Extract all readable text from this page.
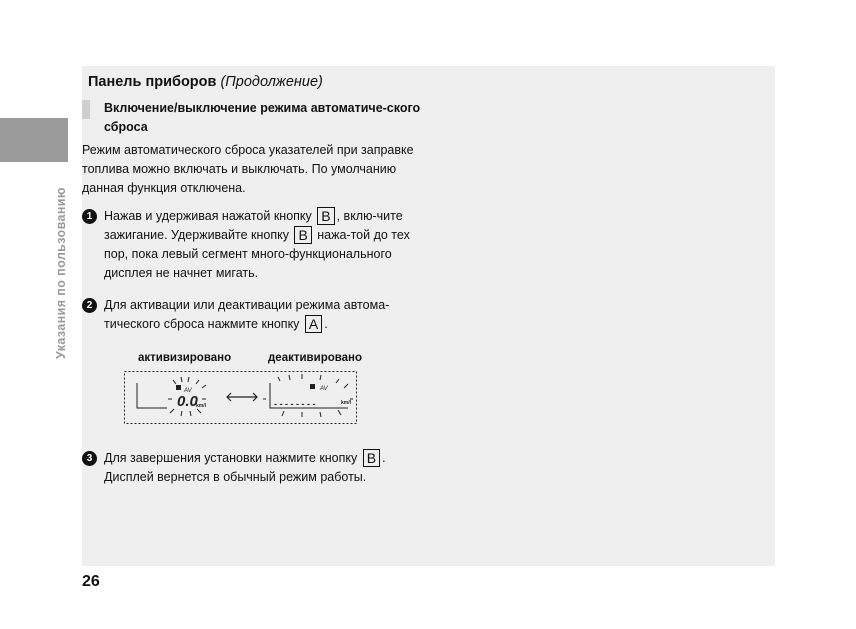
Указания по пользованию
Панель приборов (Продолжение)
Включение/выключение режима автоматиче-ского сброса
Режим автоматического сброса указателей при заправке топлива можно включать и выключать. По умолчанию данная функция отключена.
1 Нажав и удерживая нажатой кнопку B , вклю-чите зажигание. Удерживайте кнопку B нажа-той до тех пор, пока левый сегмент много-функционального дисплея не начнет мигать.
2 Для активации или деактивации режима автома-тического сброса нажмите кнопку A .
активизировано	деактивировано
AV
0.0
km/l
AV
- - - - - - - -	km/l
3 Для завершения установки нажмите кнопку B . Дисплей вернется в обычный режим работы.
26
